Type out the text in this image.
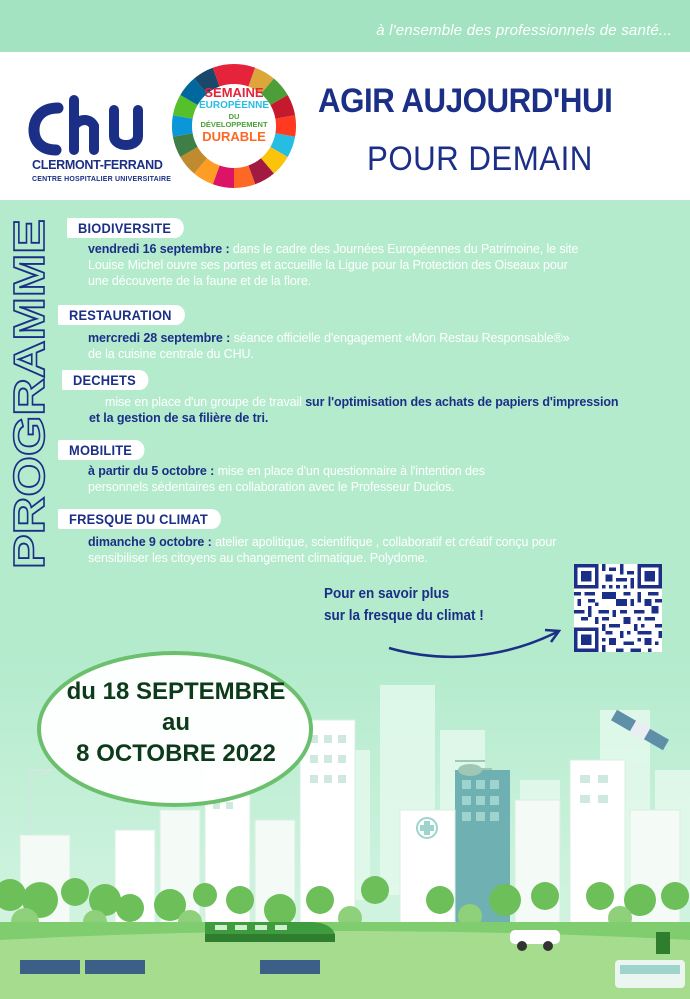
à l'ensemble des professionnels de santé...
CLERMONT-FERRAND
CENTRE HOSPITALIER UNIVERSITAIRE
SEMAINE
EUROPÉENNE
DU DÉVELOPPEMENT
DURABLE
AGIR AUJOURD'HUI
POUR DEMAIN
PROGRAMME
BIODIVERSITE
vendredi 16 septembre : dans le cadre des Journées Européennes du Patrimoine, le site
Louise Michel ouvre ses portes et accueille la Ligue pour la Protection des Oiseaux pour
une découverte de la faune et de la flore.
RESTAURATION
mercredi 28 septembre : séance officielle d'engagement «Mon Restau Responsable®»
de la cuisine centrale du CHU.
DECHETS
mise en place d'un groupe de travail sur l'optimisation des achats de papiers d'impression
et la gestion de sa filière de tri.
MOBILITE
à partir du 5 octobre : mise en place d'un questionnaire à l'intention des
personnels sédentaires en collaboration avec le Professeur Duclos.
FRESQUE DU CLIMAT
dimanche 9 octobre : atelier apolitique, scientifique , collaboratif et créatif conçu pour
sensibiliser les citoyens au changement climatique. Polydome.
Pour en savoir plus
sur la fresque du climat !
du 18 SEPTEMBRE
au
8 OCTOBRE 2022
